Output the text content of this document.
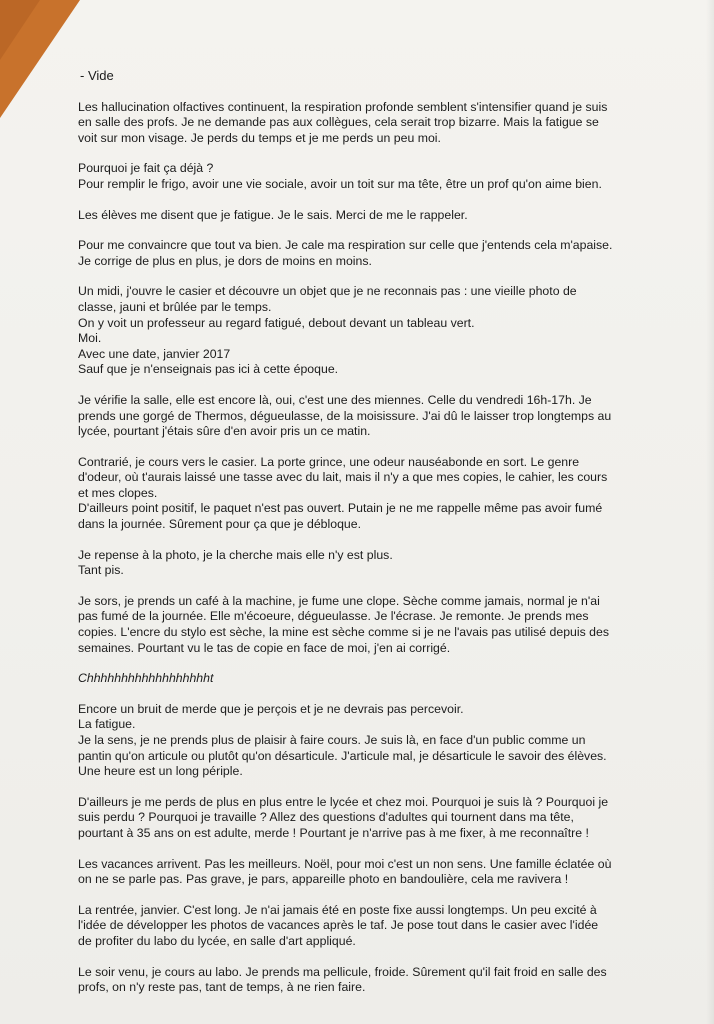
- Vide

Les hallucination olfactives continuent, la respiration profonde semblent s'intensifier quand je suis
en salle des profs. Je ne demande pas aux collègues, cela serait trop bizarre. Mais la fatigue se
voit sur mon visage. Je perds du temps et je me perds un peu moi.

Pourquoi je fait ça déjà ?
Pour remplir le frigo, avoir une vie sociale, avoir un toit sur ma tête, être un prof qu'on aime bien.

Les élèves me disent que je fatigue. Je le sais. Merci de me le rappeler.

Pour me convaincre que tout va bien. Je cale ma respiration sur celle que j'entends cela m'apaise.
Je corrige de plus en plus, je dors de moins en moins.

Un midi, j'ouvre le casier et découvre un objet que je ne reconnais pas : une vieille photo de
classe, jauni et brûlée par le temps.
On y voit un professeur au regard fatigué, debout devant un tableau vert.
Moi.
Avec une date, janvier 2017
Sauf que je n'enseignais pas ici à cette époque.

Je vérifie la salle, elle est encore là, oui, c'est une des miennes. Celle du vendredi 16h-17h. Je
prends une gorgé de Thermos, dégueulasse, de la moisissure. J'ai dû le laisser trop longtemps au
lycée, pourtant j'étais sûre d'en avoir pris un ce matin.

Contrarié, je cours vers le casier. La porte grince, une odeur nauséabonde en sort. Le genre
d'odeur, où t'aurais laissé une tasse avec du lait, mais il n'y a que mes copies, le cahier, les cours
et mes clopes.
D'ailleurs point positif, le paquet n'est pas ouvert. Putain je ne me rappelle même pas avoir fumé
dans la journée. Sûrement pour ça que je débloque.

Je repense à la photo, je la cherche mais elle n'y est plus.
Tant pis.

Je sors, je prends un café à la machine, je fume une clope. Sèche comme jamais, normal je n'ai
pas fumé de la journée. Elle m'écoeure, dégueulasse. Je l'écrase. Je remonte. Je prends mes
copies. L'encre du stylo est sèche, la mine est sèche comme si je ne l'avais pas utilisé depuis des
semaines. Pourtant vu le tas de copie en face de moi, j'en ai corrigé.

Chhhhhhhhhhhhhhhhhht

Encore un bruit de merde que je perçois et je ne devrais pas percevoir.
La fatigue.
Je la sens, je ne prends plus de plaisir à faire cours. Je suis là, en face d'un public comme un
pantin qu'on articule ou plutôt qu'on désarticule. J'articule mal, je désarticule le savoir des élèves.
Une heure est un long périple.

D'ailleurs je me perds de plus en plus entre le lycée et chez moi. Pourquoi je suis là ? Pourquoi je
suis perdu ? Pourquoi je travaille ? Allez des questions d'adultes qui tournent dans ma tête,
pourtant à 35 ans on est adulte, merde ! Pourtant je n'arrive pas à me fixer, à me reconnaître !

Les vacances arrivent. Pas les meilleurs. Noël, pour moi c'est un non sens. Une famille éclatée où
on ne se parle pas. Pas grave, je pars, appareille photo en bandoulière, cela me ravivera !

La rentrée, janvier. C'est long. Je n'ai jamais été en poste fixe aussi longtemps. Un peu excité à
l'idée de développer les photos de vacances après le taf. Je pose tout dans le casier avec l'idée
de profiter du labo du lycée, en salle d'art appliqué.

Le soir venu, je cours au labo. Je prends ma pellicule, froide. Sûrement qu'il fait froid en salle des
profs, on n'y reste pas, tant de temps, à ne rien faire.
